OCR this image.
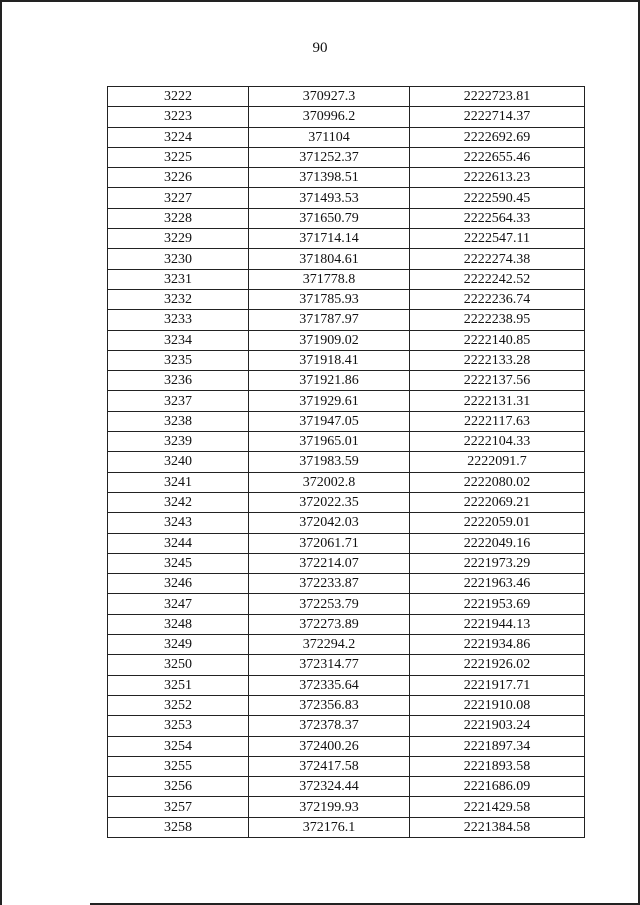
90
3222	370927.3	2222723.81
3223	370996.2	2222714.37
3224	371104	2222692.69
3225	371252.37	2222655.46
3226	371398.51	2222613.23
3227	371493.53	2222590.45
3228	371650.79	2222564.33
3229	371714.14	2222547.11
3230	371804.61	2222274.38
3231	371778.8	2222242.52
3232	371785.93	2222236.74
3233	371787.97	2222238.95
3234	371909.02	2222140.85
3235	371918.41	2222133.28
3236	371921.86	2222137.56
3237	371929.61	2222131.31
3238	371947.05	2222117.63
3239	371965.01	2222104.33
3240	371983.59	2222091.7
3241	372002.8	2222080.02
3242	372022.35	2222069.21
3243	372042.03	2222059.01
3244	372061.71	2222049.16
3245	372214.07	2221973.29
3246	372233.87	2221963.46
3247	372253.79	2221953.69
3248	372273.89	2221944.13
3249	372294.2	2221934.86
3250	372314.77	2221926.02
3251	372335.64	2221917.71
3252	372356.83	2221910.08
3253	372378.37	2221903.24
3254	372400.26	2221897.34
3255	372417.58	2221893.58
3256	372324.44	2221686.09
3257	372199.93	2221429.58
3258	372176.1	2221384.58
